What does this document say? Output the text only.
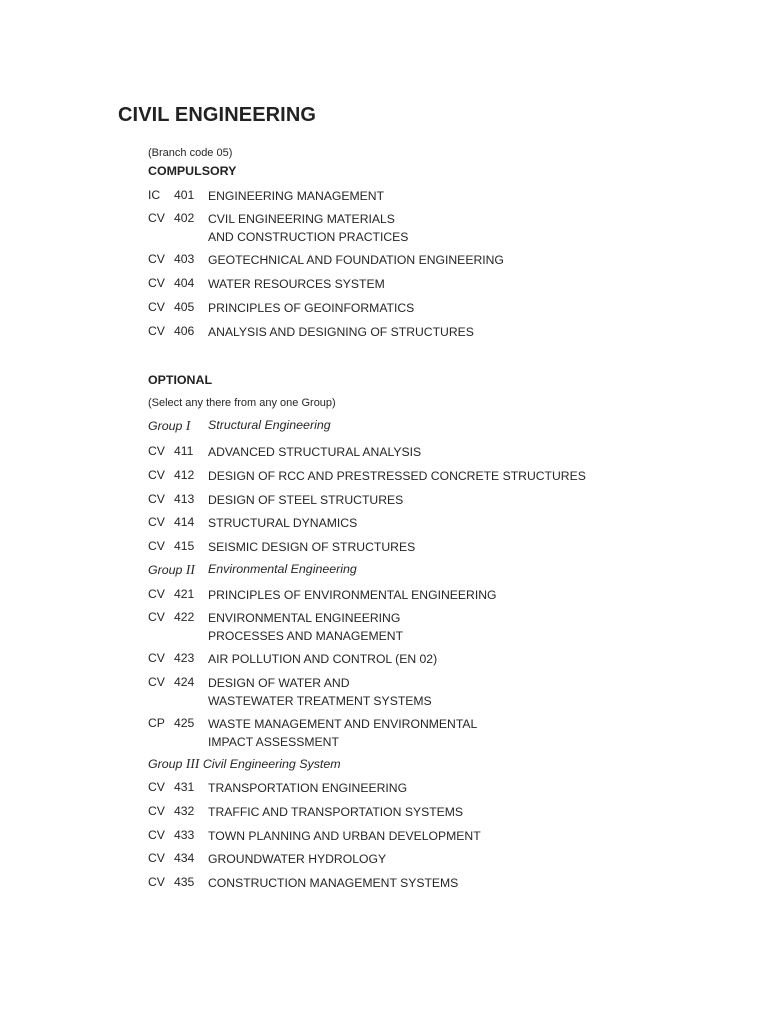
CIVIL ENGINEERING
(Branch code 05)
COMPULSORY
IC 401 ENGINEERING MANAGEMENT
CV 402 CVIL ENGINEERING MATERIALS AND CONSTRUCTION PRACTICES
CV 403 GEOTECHNICAL AND FOUNDATION ENGINEERING
CV 404 WATER RESOURCES SYSTEM
CV 405 PRINCIPLES OF GEOINFORMATICS
CV 406 ANALYSIS AND DESIGNING OF STRUCTURES
OPTIONAL
(Select any there from any one Group)
Group I Structural Engineering
CV 411 ADVANCED STRUCTURAL ANALYSIS
CV 412 DESIGN OF RCC AND PRESTRESSED CONCRETE STRUCTURES
CV 413 DESIGN OF STEEL STRUCTURES
CV 414 STRUCTURAL DYNAMICS
CV 415 SEISMIC DESIGN OF STRUCTURES
Group II Environmental Engineering
CV 421 PRINCIPLES OF ENVIRONMENTAL ENGINEERING
CV 422 ENVIRONMENTAL ENGINEERING PROCESSES AND MANAGEMENT
CV 423 AIR POLLUTION AND CONTROL (EN 02)
CV 424 DESIGN OF WATER AND WASTEWATER TREATMENT SYSTEMS
CP 425 WASTE MANAGEMENT AND ENVIRONMENTAL IMPACT ASSESSMENT
Group III Civil Engineering System
CV 431 TRANSPORTATION ENGINEERING
CV 432 TRAFFIC AND TRANSPORTATION SYSTEMS
CV 433 TOWN PLANNING AND URBAN DEVELOPMENT
CV 434 GROUNDWATER HYDROLOGY
CV 435 CONSTRUCTION MANAGEMENT SYSTEMS
